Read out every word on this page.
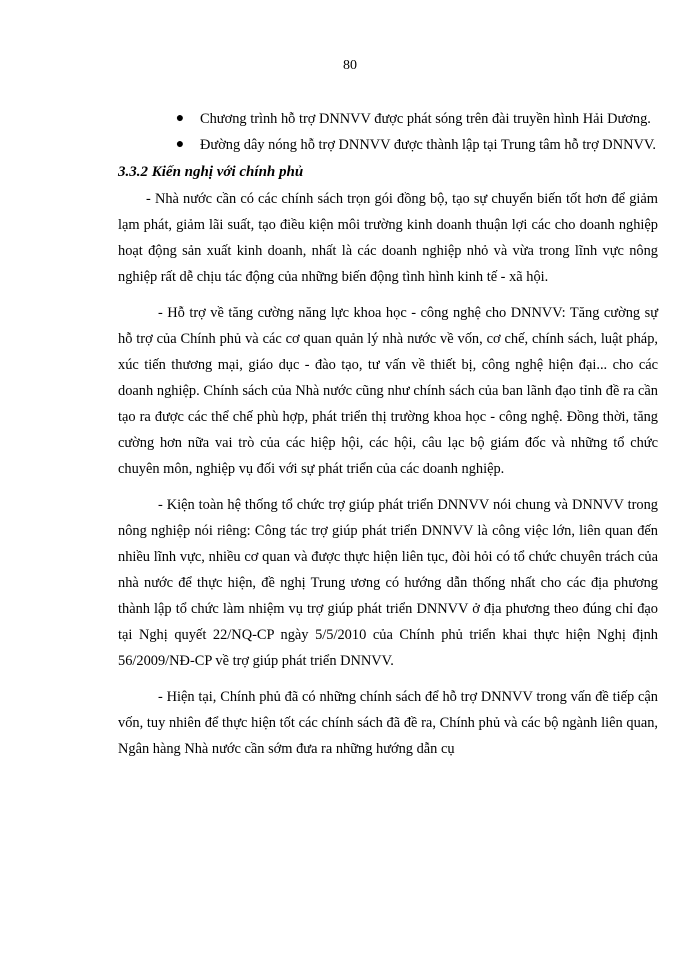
80
●	Chương trình hỗ trợ DNNVV được phát sóng trên đài truyền hình Hải Dương.
●	Đường dây nóng hỗ trợ DNNVV được thành lập tại Trung tâm hỗ trợ DNNVV.
3.3.2 Kiến nghị với chính phủ

- Nhà nước cần có các chính sách trọn gói đồng bộ, tạo sự chuyển biến tốt hơn để giảm lạm phát, giảm lãi suất, tạo điều kiện môi trường kinh doanh thuận lợi các cho doanh nghiệp hoạt động sản xuất kinh doanh, nhất là các doanh nghiệp nhỏ và vừa trong lĩnh vực nông nghiệp rất dễ chịu tác động của những biến động tình hình kinh tế - xã hội.

- Hỗ trợ về tăng cường năng lực khoa học - công nghệ cho DNNVV: Tăng cường sự hỗ trợ của Chính phủ và các cơ quan quản lý nhà nước về vốn, cơ chế, chính sách, luật pháp, xúc tiến thương mại, giáo dục - đào tạo, tư vấn về thiết bị, công nghệ hiện đại... cho các doanh nghiệp. Chính sách của Nhà nước cũng như chính sách của ban lãnh đạo tỉnh đề ra cần tạo ra được các thể chế phù hợp, phát triển thị trường khoa học - công nghệ. Đồng thời, tăng cường hơn nữa vai trò của các hiệp hội, các hội, câu lạc bộ giám đốc và những tổ chức chuyên môn, nghiệp vụ đối với sự phát triển của các doanh nghiệp.

- Kiện toàn hệ thống tổ chức trợ giúp phát triển DNNVV nói chung và DNNVV trong nông nghiệp nói riêng: Công tác trợ giúp phát triển DNNVV là công việc lớn, liên quan đến nhiều lĩnh vực, nhiều cơ quan và được thực hiện liên tục, đòi hỏi có tổ chức chuyên trách của nhà nước để thực hiện, đề nghị Trung ương có hướng dẫn thống nhất cho các địa phương thành lập tổ chức làm nhiệm vụ trợ giúp phát triển DNNVV ở địa phương theo đúng chỉ đạo tại Nghị quyết 22/NQ-CP ngày 5/5/2010 của Chính phủ triển khai thực hiện Nghị định 56/2009/NĐ-CP về trợ giúp phát triển DNNVV.

- Hiện tại, Chính phủ đã có những chính sách để hỗ trợ DNNVV trong vấn đề tiếp cận vốn, tuy nhiên để thực hiện tốt các chính sách đã đề ra, Chính phủ và các bộ ngành liên quan, Ngân hàng Nhà nước cần sớm đưa ra những hướng dẫn cụ
